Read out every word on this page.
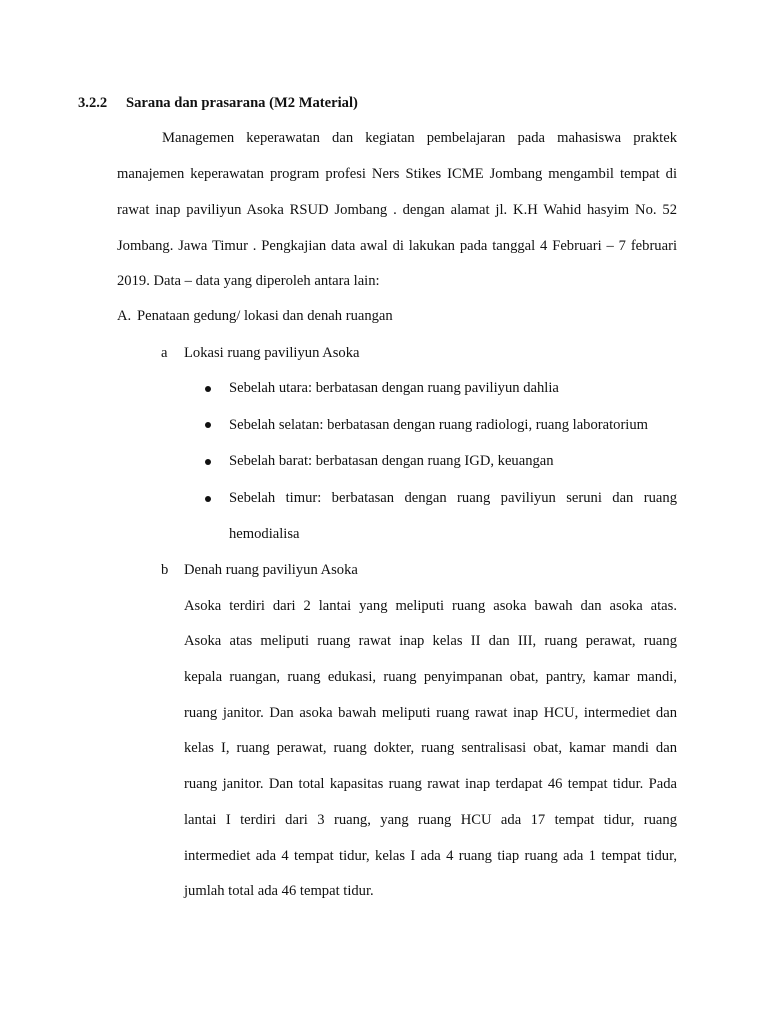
3.2.2 Sarana dan prasarana (M2 Material)
Managemen keperawatan dan kegiatan pembelajaran pada mahasiswa praktek
manajemen keperawatan program profesi Ners Stikes ICME Jombang mengambil tempat di
rawat inap paviliyun Asoka RSUD Jombang . dengan alamat jl. K.H Wahid hasyim No. 52
Jombang. Jawa Timur . Pengkajian data awal di lakukan pada tanggal 4 Februari – 7 februari
2019. Data – data yang diperoleh antara lain:
A. Penataan gedung/ lokasi dan denah ruangan
a Lokasi ruang paviliyun Asoka
Sebelah utara: berbatasan dengan ruang paviliyun dahlia
Sebelah selatan: berbatasan dengan ruang radiologi, ruang laboratorium
Sebelah barat: berbatasan dengan ruang IGD, keuangan
Sebelah timur: berbatasan dengan ruang paviliyun seruni dan ruang
hemodialisa
b Denah ruang paviliyun Asoka
Asoka terdiri dari 2 lantai yang meliputi ruang asoka bawah dan asoka atas.
Asoka atas meliputi ruang rawat inap kelas II dan III, ruang perawat, ruang
kepala ruangan, ruang edukasi, ruang penyimpanan obat, pantry, kamar mandi,
ruang janitor. Dan asoka bawah meliputi ruang rawat inap HCU, intermediet dan
kelas I, ruang perawat, ruang dokter, ruang sentralisasi obat, kamar mandi dan
ruang janitor. Dan total kapasitas ruang rawat inap terdapat 46 tempat tidur. Pada
lantai I terdiri dari 3 ruang, yang ruang HCU ada 17 tempat tidur, ruang
intermediet ada 4 tempat tidur, kelas I ada 4 ruang tiap ruang ada 1 tempat tidur,
jumlah total ada 46 tempat tidur.
